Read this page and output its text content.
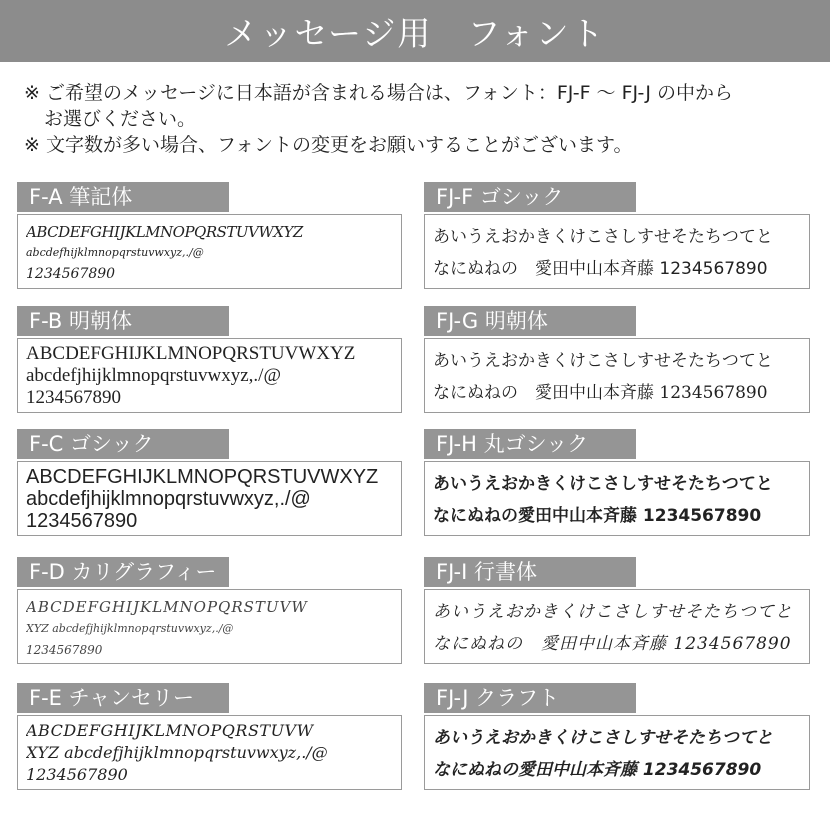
メッセージ用　フォント
※ ご希望のメッセージに日本語が含まれる場合は、フォント：FJ-F ～ FJ-J の中から
お選びください。
※ 文字数が多い場合、フォントの変更をお願いすることがございます。
F-A 筆記体
ABCDEFGHIJKLMNOPQRSTUVWXYZ
abcdefhijklmnopqrstuvwxyz,./@
1234567890
F-B 明朝体
ABCDEFGHIJKLMNOPQRSTUVWXYZ
abcdefjhijklmnopqrstuvwxyz,./@
1234567890
F-C ゴシック
ABCDEFGHIJKLMNOPQRSTUVWXYZ
abcdefjhijklmnopqrstuvwxyz,./@
1234567890
F-D カリグラフィー
ABCDEFGHIJKLMNOPQRSTUVW
XYZ abcdefjhijklmnopqrstuvwxyz,./@
1234567890
F-E チャンセリー
ABCDEFGHIJKLMNOPQRSTUVW
XYZ abcdefjhijklmnopqrstuvwxyz,./@
1234567890
FJ-F ゴシック
あいうえおかきくけこさしすせそたちつてと
なにぬねの　愛田中山本斉藤 1234567890
FJ-G 明朝体
あいうえおかきくけこさしすせそたちつてと
なにぬねの　愛田中山本斉藤 1234567890
FJ-H 丸ゴシック
あいうえおかきくけこさしすせそたちつてと
なにぬねの愛田中山本斉藤 1234567890
FJ-I 行書体
あいうえおかきくけこさしすせそたちつてと
なにぬねの　愛田中山本斉藤 1234567890
FJ-J クラフト
あいうえおかきくけこさしすせそたちつてと
なにぬねの愛田中山本斉藤 1234567890
